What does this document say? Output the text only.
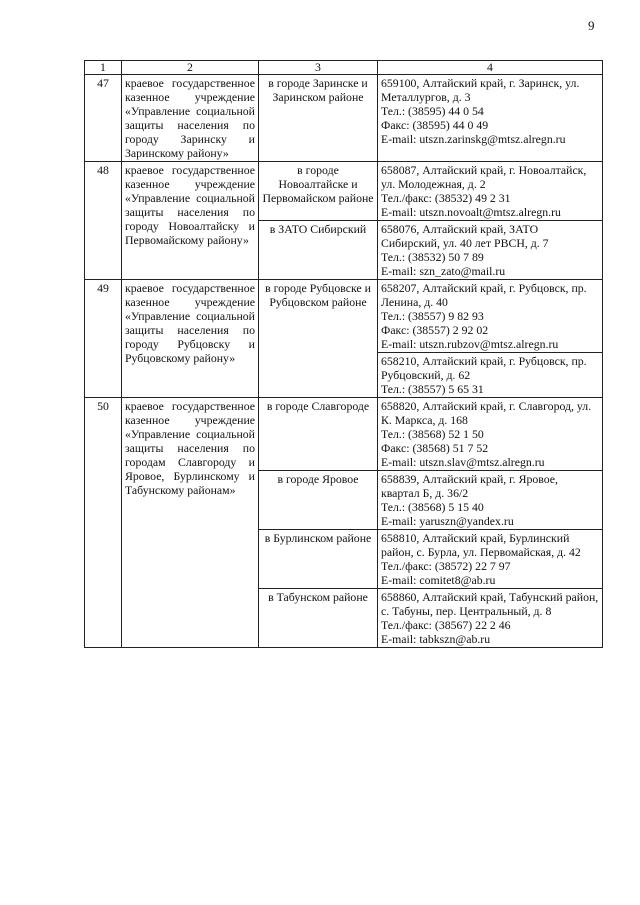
9
1	2	3	4
47	краевое государственное казенное учреждение «Управление социальной защиты населения по городу Заринску и Заринскому району»	в городе Заринске и Заринском районе	659100, Алтайский край, г. Заринск, ул. Металлургов, д. 3
Тел.: (38595) 44 0 54
Факс: (38595) 44 0 49
E-mail: utszn.zarinskg@mtsz.alregn.ru

48	краевое государственное казенное учреждение «Управление социальной защиты населения по городу Новоалтайску и Первомайскому району»	в городе Новоалтайске и Первомайском районе	658087, Алтайский край, г. Новоалтайск, ул. Молодежная, д. 2
Тел./факс: (38532) 49 2 31
E-mail: utszn.novoalt@mtsz.alregn.ru

		в ЗАТО Сибирский	658076, Алтайский край, ЗАТО Сибирский, ул. 40 лет РВСН, д. 7
Тел.: (38532) 50 7 89
E-mail: szn_zato@mail.ru

49	краевое государственное казенное учреждение «Управление социальной защиты населения по городу Рубцовску и Рубцовскому району»	в городе Рубцовске и Рубцовском районе	658207, Алтайский край, г. Рубцовск, пр. Ленина, д. 40
Тел.: (38557) 9 82 93
Факс: (38557) 2 92 02
E-mail: utszn.rubzov@mtsz.alregn.ru

			658210, Алтайский край, г. Рубцовск, пр. Рубцовский, д. 62
Тел.: (38557) 5 65 31

50	краевое государственное казенное учреждение «Управление социальной защиты населения по городам Славгороду и Яровое, Бурлинскому и Табунскому районам»	в городе Славгороде	658820, Алтайский край, г. Славгород, ул. К. Маркса, д. 168
Тел.: (38568) 52 1 50
Факс: (38568) 51 7 52
E-mail: utszn.slav@mtsz.alregn.ru

		в городе Яровое	658839, Алтайский край, г. Яровое, квартал Б, д. 36/2
Тел.: (38568) 5 15 40
E-mail: yaruszn@yandex.ru

		в Бурлинском районе	658810, Алтайский край, Бурлинский район, с. Бурла, ул. Первомайская, д. 42
Тел./факс: (38572) 22 7 97
E-mail: comitet8@ab.ru

		в Табунском районе	658860, Алтайский край, Табунский район, с. Табуны, пер. Центральный, д. 8
Тел./факс: (38567) 22 2 46
E-mail: tabkszn@ab.ru
